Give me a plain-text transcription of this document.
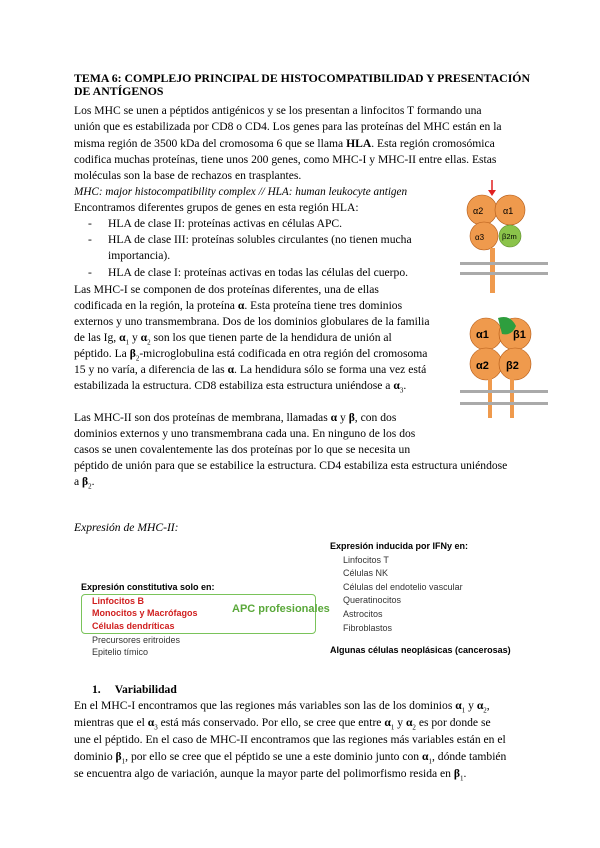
TEMA 6: COMPLEJO PRINCIPAL DE HISTOCOMPATIBILIDAD Y PRESENTACIÓN DE ANTÍGENOS
Los MHC se unen a péptidos antigénicos y se los presentan a linfocitos T formando una
unión que es estabilizada por CD8 o CD4. Los genes para las proteínas del MHC están en la
misma región de 3500 kDa del cromosoma 6 que se llama HLA. Esta región cromosómica
codifica muchas proteínas, tiene unos 200 genes, como MHC-I y MHC-II entre ellas. Estas
moléculas son la base de rechazos en trasplantes.
MHC: major histocompatibility complex // HLA: human leukocyte antigen
Encontramos diferentes grupos de genes en esta región HLA:
- HLA de clase II: proteínas activas en células APC.
- HLA de clase III: proteínas solubles circulantes (no tienen mucha
importancia).
- HLA de clase I: proteínas activas en todas las células del cuerpo.
Las MHC-I se componen de dos proteínas diferentes, una de ellas
codificada en la región, la proteína α. Esta proteína tiene tres dominios
externos y uno transmembrana. Dos de los dominios globulares de la familia
de las Ig, $\alpha_1$ y $\alpha_2$ son los que tienen parte de la hendidura de unión al
péptido. La $\beta_2$-microglobulina está codificada en otra región del cromosoma
15 y no varía, a diferencia de las α. La hendidura sólo se forma una vez está
estabilizada la estructura. CD8 estabiliza esta estructura uniéndose a $\alpha_3$.
Las MHC-II son dos proteínas de membrana, llamadas α y β, con dos
dominios externos y uno transmembrana cada una. En ninguno de los dos
casos se unen covalentemente las dos proteínas por lo que se necesita un
péptido de unión para que se estabilice la estructura. CD4 estabiliza esta estructura uniéndose
a $\beta_2$.
α2 α1
α3 β2m
α1 β1
α2 β2
Expresión de MHC-II:
Expresión inducida por IFNy en:
Linfocitos T
Células NK
Células del endotelio vascular
Queratinocitos
Astrocitos
Fibroblastos
Algunas células neoplásicas (cancerosas)
Expresión constitutiva solo en:
Linfocitos B
Monocitos y Macrófagos
Células dendríticas
APC profesionales
Precursores eritroides
Epitelio tímico
1. Variabilidad
En el MHC-I encontramos que las regiones más variables son las de los dominios $\alpha_1$ y $\alpha_2$,
mientras que el $\alpha_3$ está más conservado. Por ello, se cree que entre $\alpha_1$ y $\alpha_2$ es por donde se
une el péptido. En el caso de MHC-II encontramos que las regiones más variables están en el
dominio $\beta_1$, por ello se cree que el péptido se une a este dominio junto con $\alpha_1$, dónde también
se encuentra algo de variación, aunque la mayor parte del polimorfismo resida en $\beta_1$.
